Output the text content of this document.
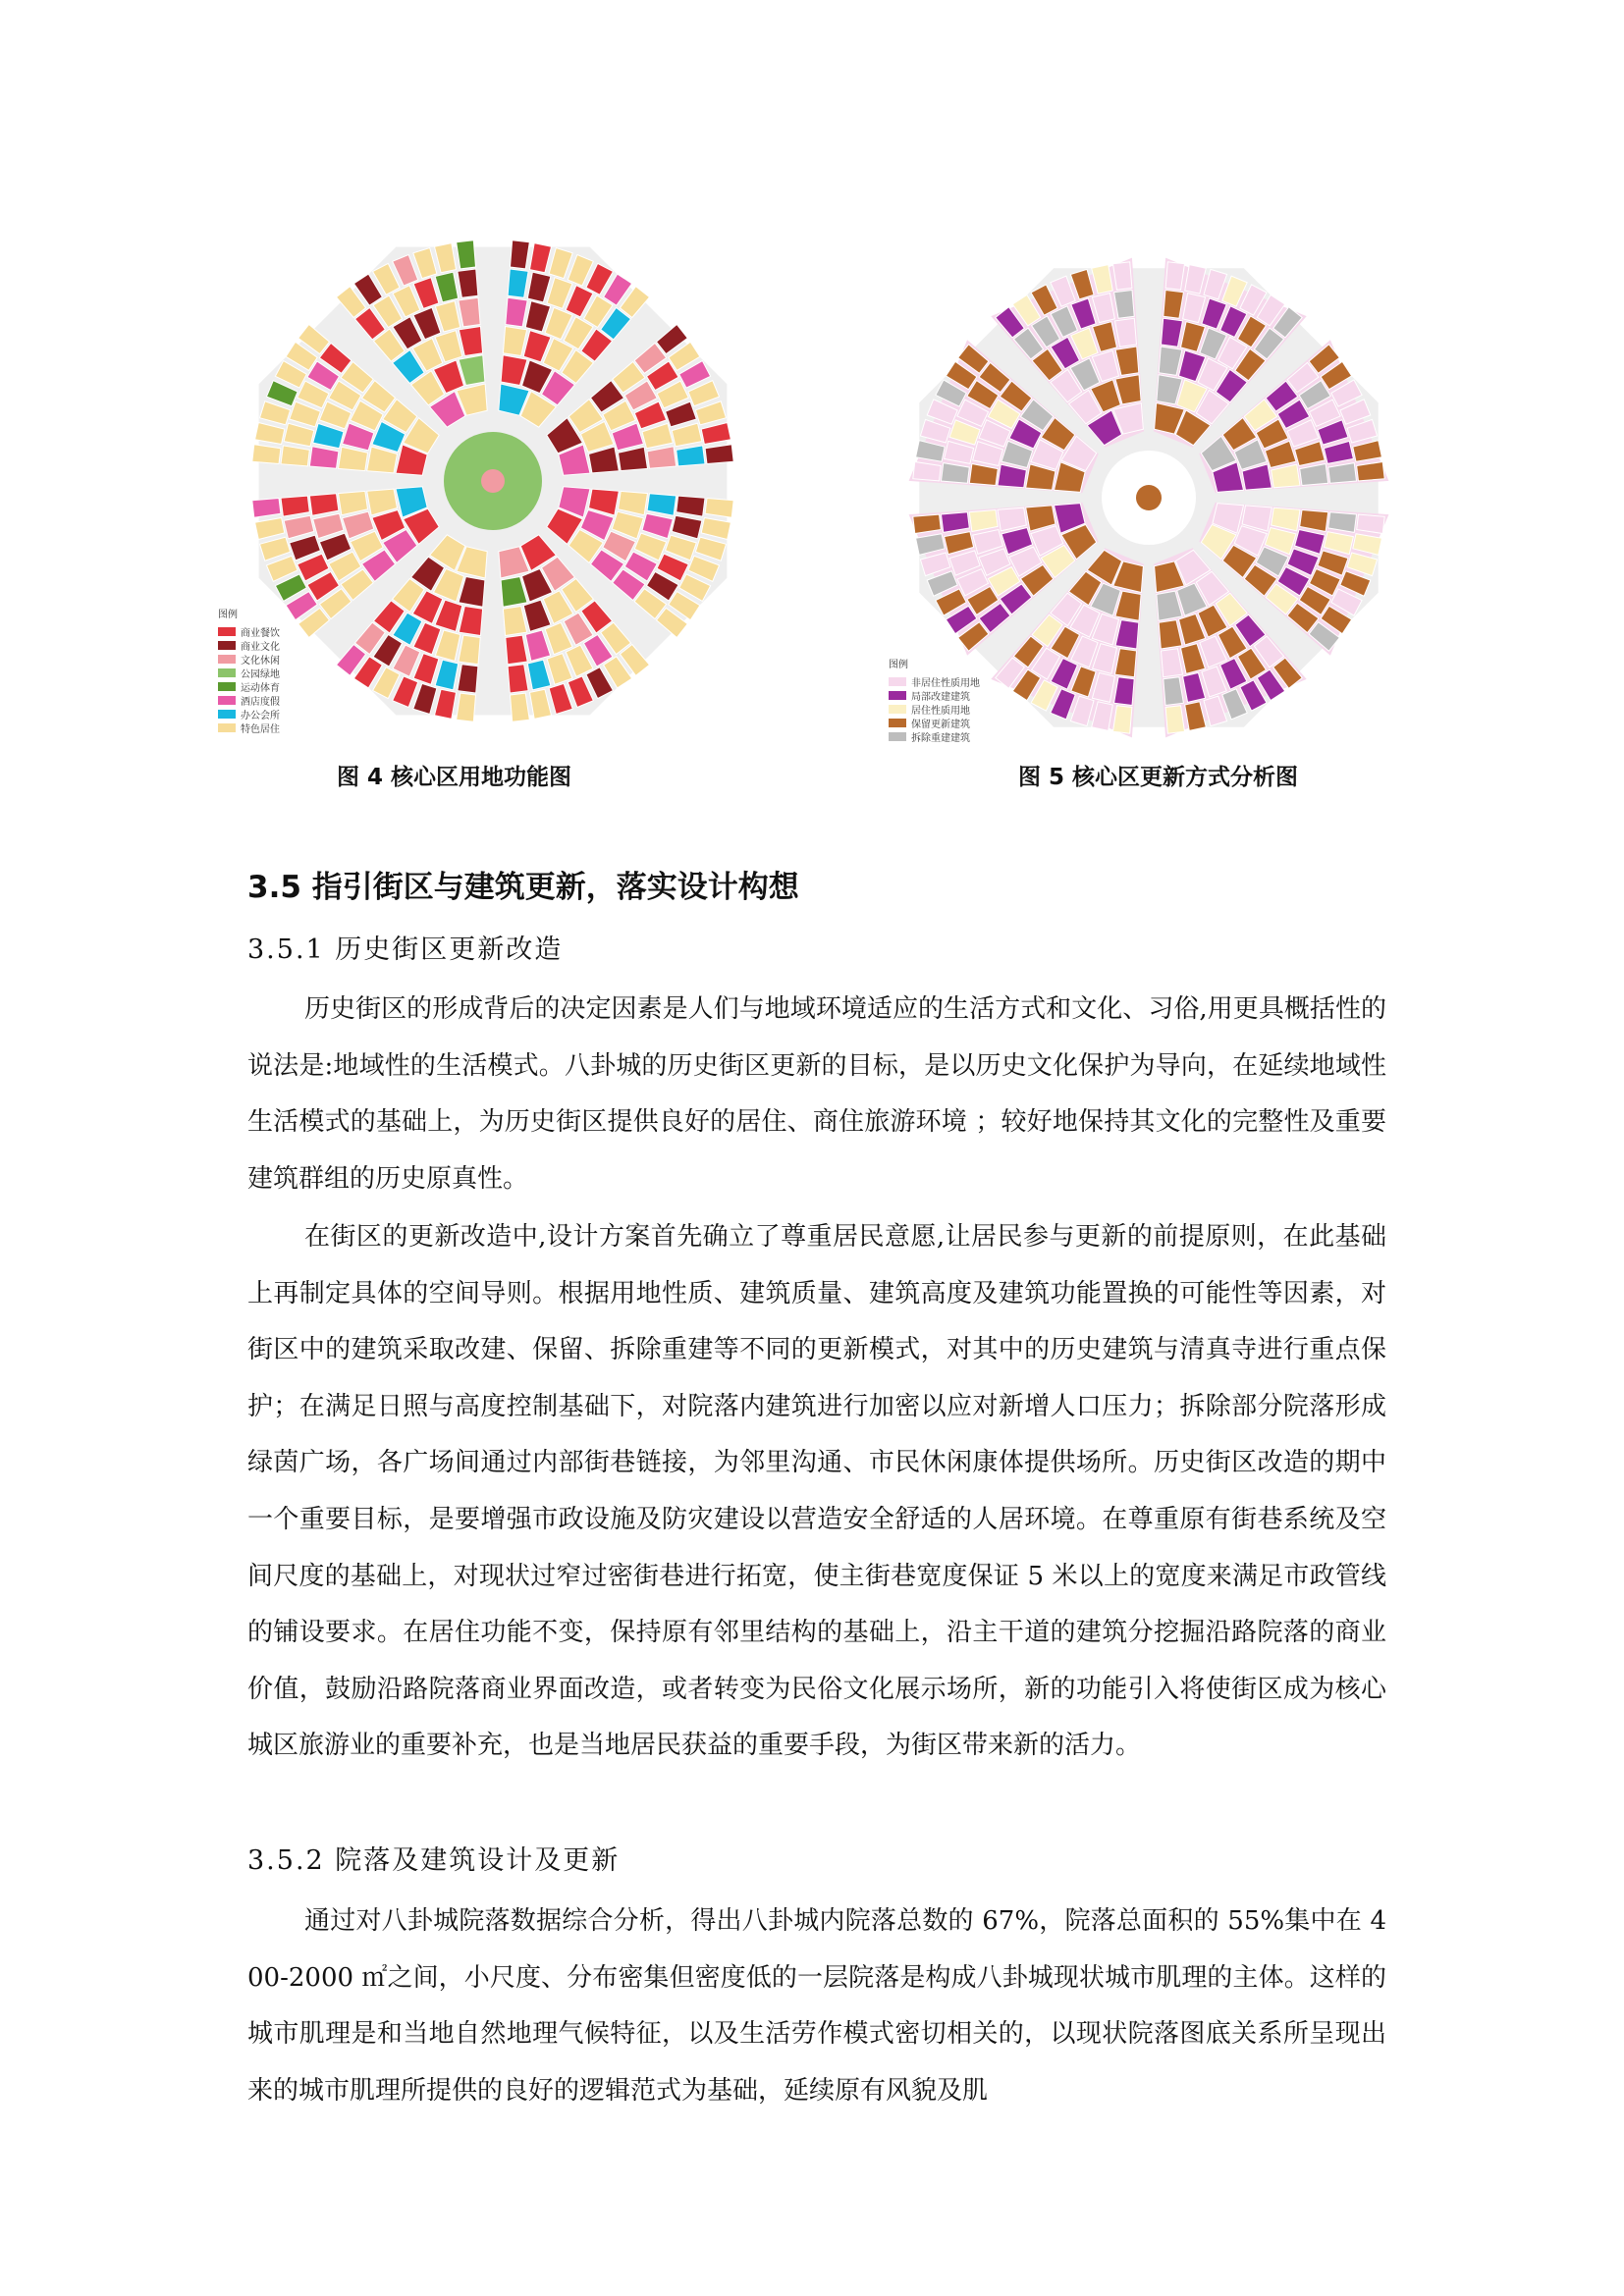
图例
商业餐饮
商业文化
文化休闲
公园绿地
运动体育
酒店度假
办公会所
特色居住
图 4 核心区用地功能图
图例
非居住性质用地
局部改建建筑
居住性质用地
保留更新建筑
拆除重建建筑
图 5 核心区更新方式分析图
3.5 指引街区与建筑更新，落实设计构想
3.5.1 历史街区更新改造

历史街区的形成背后的决定因素是人们与地域环境适应的生活方式和文化、习俗,用更具概括性的说法是:地域性的生活模式。八卦城的历史街区更新的目标，是以历史文化保护为导向，在延续地域性生活模式的基础上，为历史街区提供良好的居住、商住旅游环境 ；较好地保持其文化的完整性及重要建筑群组的历史原真性。

在街区的更新改造中,设计方案首先确立了尊重居民意愿,让居民参与更新的前提原则，在此基础上再制定具体的空间导则。根据用地性质、建筑质量、建筑高度及建筑功能置换的可能性等因素，对街区中的建筑采取改建、保留、拆除重建等不同的更新模式，对其中的历史建筑与清真寺进行重点保护；在满足日照与高度控制基础下，对院落内建筑进行加密以应对新增人口压力；拆除部分院落形成绿茵广场，各广场间通过内部街巷链接，为邻里沟通、市民休闲康体提供场所。历史街区改造的期中一个重要目标，是要增强市政设施及防灾建设以营造安全舒适的人居环境。在尊重原有街巷系统及空间尺度的基础上，对现状过窄过密街巷进行拓宽，使主街巷宽度保证 5 米以上的宽度来满足市政管线的铺设要求。在居住功能不变，保持原有邻里结构的基础上，沿主干道的建筑分挖掘沿路院落的商业价值，鼓励沿路院落商业界面改造，或者转变为民俗文化展示场所，新的功能引入将使街区成为核心城区旅游业的重要补充，也是当地居民获益的重要手段，为街区带来新的活力。

3.5.2 院落及建筑设计及更新

通过对八卦城院落数据综合分析，得出八卦城内院落总数的 67%，院落总面积的 55%集中在 400-2000 ㎡之间，小尺度、分布密集但密度低的一层院落是构成八卦城现状城市肌理的主体。这样的城市肌理是和当地自然地理气候特征，以及生活劳作模式密切相关的，以现状院落图底关系所呈现出来的城市肌理所提供的良好的逻辑范式为基础，延续原有风貌及肌
